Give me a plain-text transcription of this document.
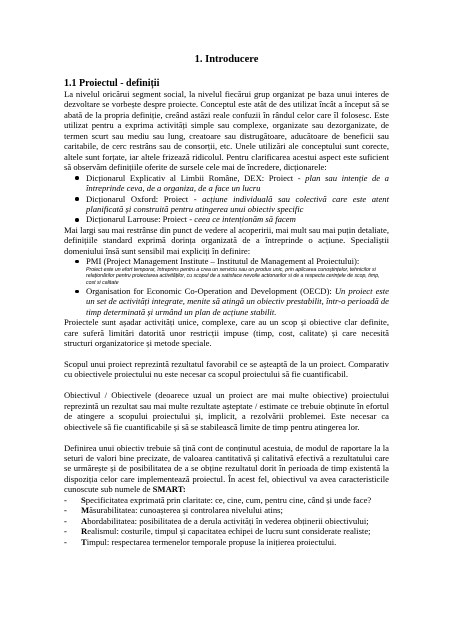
1. Introducere
1.1 Proiectul - definiții

La nivelul oricărui segment social, la nivelul fiecărui grup organizat pe baza unui interes de dezvoltare se vorbește despre proiecte. Conceptul este atât de des utilizat încât a început să se abată de la propria definiție, creând astăzi reale confuzii în rândul celor care îl folosesc. Este utilizat pentru a exprima activități simple sau complexe, organizate sau dezorganizate, de termen scurt sau mediu sau lung, creatoare sau distrugătoare, aducătoare de beneficii sau caritabile, de cerc restrâns sau de consorții, etc. Unele utilizări ale conceptului sunt corecte, altele sunt forțate, iar altele frizează ridicolul. Pentru clarificarea acestui aspect este suficient să observăm definițiile oferite de sursele cele mai de încredere, dicționarele:

Dicționarul Explicativ al Limbii Române, DEX: Proiect - plan sau intenție de a întreprinde ceva, de a organiza, de a face un lucru
Dicționarul Oxford: Proiect - acțiune individuală sau colectivă care este atent planificată și construită pentru atingerea unui obiectiv specific
Dicționarul Larrouse: Proiect - ceea ce intenționăm să facem

Mai largi sau mai restrânse din punct de vedere al acoperirii, mai mult sau mai puțin detaliate, definițiile standard exprimă dorința organizată de a întreprinde o acțiune. Specialiștii domeniului însă sunt sensibil mai expliciți în definire:

PMI (Project Management Institute – Institutul de Management al Proiectului):
Proiect este un efort temporar, întreprins pentru a crea un serviciu sau un produs unic, prin aplicarea cunoștințelor, tehnicilor si relaționărilor pentru proiectarea activităților, cu scopul de a satisface nevoile actionarilor si de a respecta cerințele de scop, timp, cost si calitate
Organisation for Economic Co-Operation and Development (OECD): Un proiect este un set de activități integrate, menite să atingă un obiectiv prestabilit, într-o perioadă de timp determinată și urmând un plan de acțiune stabilit.

Proiectele sunt așadar activități unice, complexe, care au un scop și obiective clar definite, care suferă limitări datorită unor restricții impuse (timp, cost, calitate) și care necesită structuri organizatorice și metode speciale.

Scopul unui proiect reprezintă rezultatul favorabil ce se așteaptă de la un proiect. Comparativ cu obiectivele proiectului nu este necesar ca scopul proiectului să fie cuantificabil.

Obiectivul / Obiectivele (deoarece uzual un proiect are mai multe obiective) proiectului reprezintă un rezultat sau mai multe rezultate așteptate / estimate ce trebuie obținute în efortul de atingere a scopului proiectului și, implicit, a rezolvării problemei. Este necesar ca obiectivele să fie cuantificabile și să se stabilească limite de timp pentru atingerea lor.

Definirea unui obiectiv trebuie să țină cont de conținutul acestuia, de modul de raportare la la seturi de valori bine precizate, de valoarea cantitativă și calitativă efectivă a rezultatului care se urmărește și de posibilitatea de a se obține rezultatul dorit în perioada de timp existentă la dispoziția celor care implementează proiectul. În acest fel, obiectivul va avea caracteristicile cunoscute sub numele de SMART:

- Specificitatea exprimată prin claritate: ce, cine, cum, pentru cine, când și unde face?
- Măsurabilitatea: cunoașterea și controlarea nivelului atins;
- Abordabilitatea: posibilitatea de a derula activități în vederea obținerii obiectivului;
- Realismul: costurile, timpul și capacitatea echipei de lucru sunt considerate realiste;
- Timpul: respectarea termenelor temporale propuse la inițierea proiectului.
